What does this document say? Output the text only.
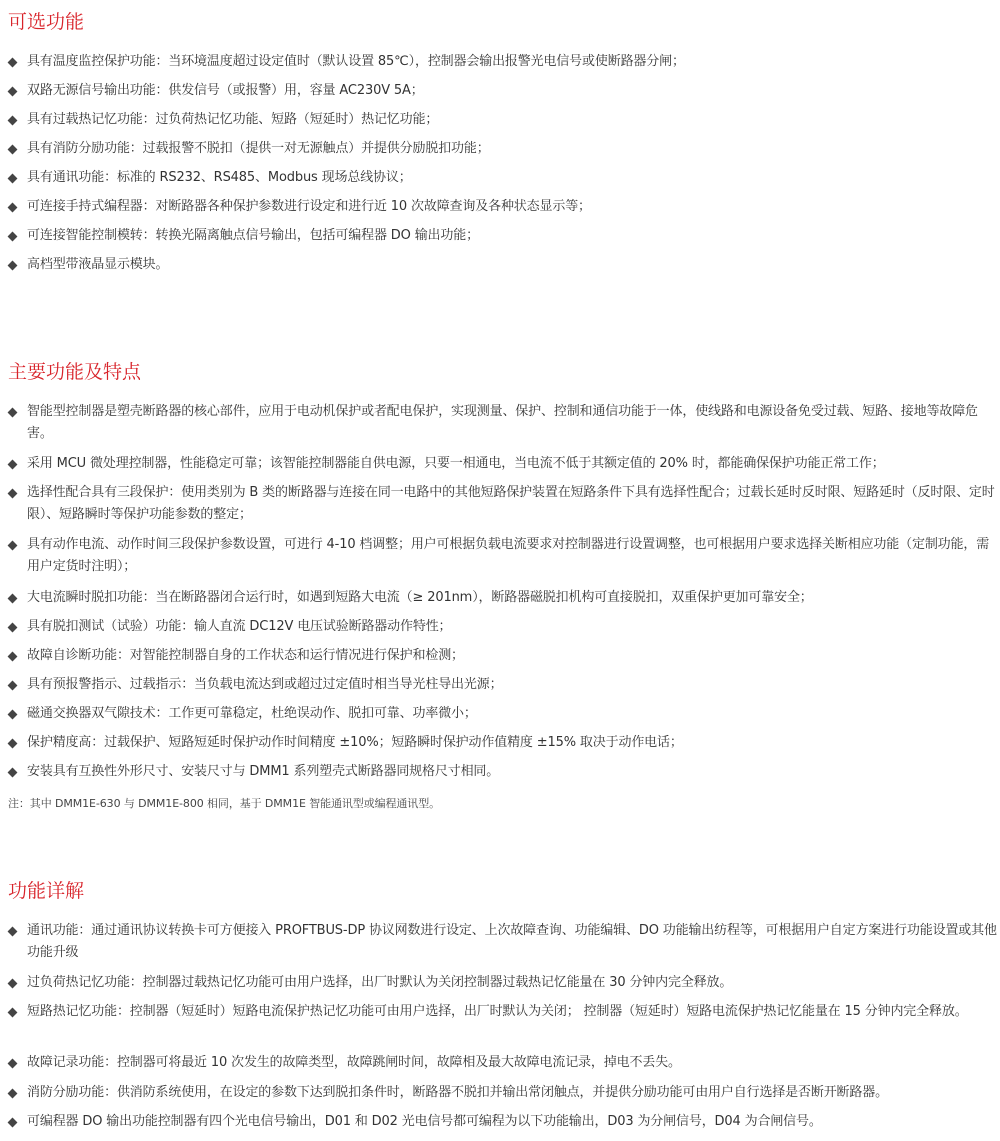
可选功能
具有温度监控保护功能：当环境温度超过设定值时（默认设置 85℃），控制器会输出报警光电信号或使断路器分闸；
双路无源信号输出功能：供发信号（或报警）用，容量 AC230V 5A；
具有过载热记忆功能：过负荷热记忆功能、短路（短延时）热记忆功能；
具有消防分励功能：过载报警不脱扣（提供一对无源触点）并提供分励脱扣功能；
具有通讯功能：标准的 RS232、RS485、Modbus 现场总线协议；
可连接手持式编程器：对断路器各种保护参数进行设定和进行近 10 次故障查询及各种状态显示等；
可连接智能控制模转：转换光隔离触点信号输出，包括可编程器 DO 输出功能；
高档型带液晶显示模块。
主要功能及特点
智能型控制器是塑壳断路器的核心部件，应用于电动机保护或者配电保护，实现测量、保护、控制和通信功能于一体，使线路和电源设备免受过载、短路、接地等故障危害。
采用 MCU 微处理控制器，性能稳定可靠；该智能控制器能自供电源，只要一相通电，当电流不低于其额定值的 20% 时，都能确保保护功能正常工作；
选择性配合具有三段保护：使用类别为 B 类的断路器与连接在同一电路中的其他短路保护装置在短路条件下具有选择性配合；过载长延时反时限、短路延时（反时限、定时限）、短路瞬时等保护功能参数的整定；
具有动作电流、动作时间三段保护参数设置，可进行 4-10 档调整；用户可根据负载电流要求对控制器进行设置调整，也可根据用户要求选择关断相应功能（定制功能，需用户定货时注明）；
大电流瞬时脱扣功能：当在断路器闭合运行时，如遇到短路大电流（≥ 201nm），断路器磁脱扣机构可直接脱扣，双重保护更加可靠安全；
具有脱扣测试（试验）功能：输人直流 DC12V 电压试验断路器动作特性；
故障自诊断功能：对智能控制器自身的工作状态和运行情况进行保护和检测；
具有预报警指示、过载指示：当负载电流达到或超过过定值时相当导光柱导出光源；
磁通交换器双气隙技术：工作更可靠稳定，杜绝误动作、脱扣可靠、功率微小；
保护精度高：过载保护、短路短延时保护动作时间精度 ±10%；短路瞬时保护动作值精度 ±15% 取决于动作电话；
安装具有互换性外形尺寸、安装尺寸与 DMM1 系列塑壳式断路器同规格尺寸相同。
注：其中 DMM1E-630 与 DMM1E-800 相同，基于 DMM1E 智能通讯型或编程通讯型。
功能详解
通讯功能：通过通讯协议转换卡可方便接入 PROFTBUS-DP 协议网数进行设定、上次故障查询、功能编辑、DO 功能输出纺程等，可根据用户自定方案进行功能设置或其他功能升级
过负荷热记忆功能：控制器过载热记忆功能可由用户选择，出厂时默认为关闭控制器过载热记忆能量在 30 分钟内完全释放。
短路热记忆功能：控制器（短延时）短路电流保护热记忆功能可由用户选择，出厂时默认为关闭； 控制器（短延时）短路电流保护热记忆能量在 15 分钟内完全释放。
故障记录功能：控制器可将最近 10 次发生的故障类型，故障跳闸时间，故障相及最大故障电流记录，掉电不丢失。
消防分励功能：供消防系统使用，在设定的参数下达到脱扣条件时，断路器不脱扣并输出常闭触点，并提供分励功能可由用户自行选择是否断开断路器。
可编程器 DO 输出功能控制器有四个光电信号输出，D01 和 D02 光电信号都可编程为以下功能输出，D03 为分闸信号，D04 为合闸信号。
